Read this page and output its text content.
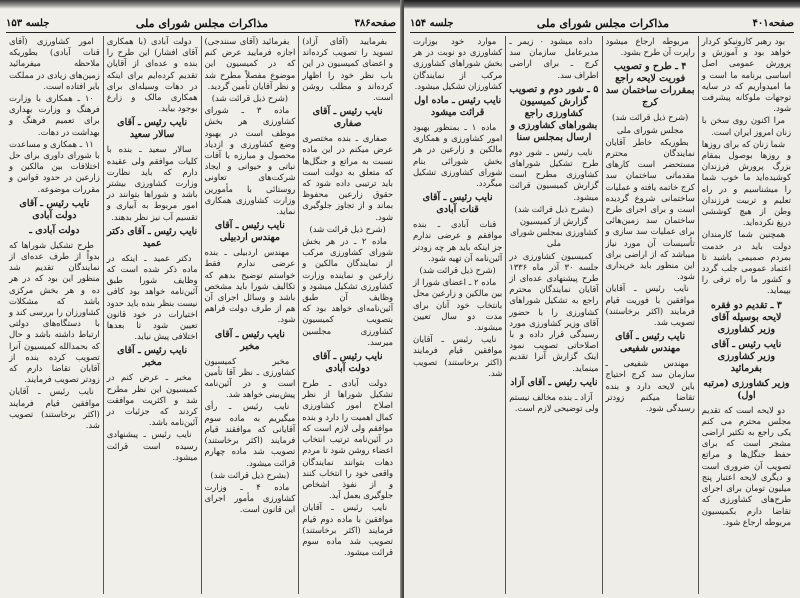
صفحه۳۸۶
مذاکرات مجلس شورای ملی
جلسه ۱۵۳

بفرمایید (آقای آزاد) تسوید را تصویب کرده‌اند و اعضای کمیسیون در این باب نظر خود را اظهار کرده‌اند و مطلب روشن است.

نایب رئیس ـ آقای صفاری

صفاری ـ بنده مختصری عرض میکنم در این ماده نسبت به مراتع و جنگل‌ها که متعلق به دولت است باید ترتیبی داده شود که حقوق زارعین محفوظ بماند و از تجاوز جلوگیری شود.

(شرح ذیل قرائت شد)

ماده ۲ ـ در هر بخش شورای کشاورزی مرکب از نمایندگان مالکین و زارعین و نماینده وزارت کشاورزی تشکیل میشود و وظایف آن طبق آئین‌نامه‌ای خواهد بود که بتصویب کمیسیون کشاورزی مجلسین میرسد.

نایب رئیس ـ آقای دولت آبادی

دولت آبادی ـ طرح تشکیل شوراها از نظر اصلاح امور کشاورزی کمال اهمیت را دارد و بنده موافقم ولی لازم است که در آئین‌نامه ترتیب انتخاب اعضاء روشن شود تا مردم دهات بتوانند نمایندگان واقعی خود را انتخاب کنند و از نفوذ اشخاص جلوگیری بعمل آید.

نایب رئیس ـ آقایان موافقین با ماده دوم قیام فرمایند (اکثر برخاستند) تصویب شد ماده سوم قرائت میشود.

بفرمائید (آقای سنندجی) اجازه فرمایید عرض کنم که در کمیسیون این موضوع مفصلاً مطرح شد و نظر آقایان تأمین گردید.

(شرح ذیل قرائت شد)

ماده ۳ ـ شورای کشاورزی هر بخش موظف است در بهبود وضع کشاورزی و ازدیاد محصول و مبارزه با آفات نباتی و حیوانی و ایجاد شرکت‌های تعاونی روستائی با مأمورین وزارت کشاورزی همکاری نماید.

نایب رئیس ـ آقای مهندس اردبیلی

مهندس اردبیلی ـ بنده عرضی ندارم فقط خواستم توضیح بدهم که تکالیف شورا باید مشخص باشد و وسائل اجرای آن هم از طرف دولت فراهم شود.

نایب رئیس ـ آقای مخبر

مخبر کمیسیون کشاورزی ـ نظر آقا تأمین است و در آئین‌نامه پیش‌بینی خواهد شد.

نایب رئیس ـ رأی میگیریم به ماده سوم آقایانی که موافقند قیام فرمایند (اکثر برخاستند) تصویب شد ماده چهارم قرائت میشود.

(بشرح ذیل قرائت شد)

ماده ۴ ـ وزارت کشاورزی مأمور اجرای این قانون است.

دولت آبادی (با همکاری آقای افشار) این طرح را بنده و عده‌ای از آقایان تقدیم کرده‌ایم برای اینکه در دهات وسیله‌ای برای همکاری مالک و زارع بوجود بیاید.

نایب رئیس ـ آقای سالار سعید

سالار سعید ـ بنده با کلیات موافقم ولی عقیده دارم که باید نظارت وزارت کشاورزی بیشتر باشد و شوراها بتوانند در امور مربوط به آبیاری و تقسیم آب نیز نظر بدهند.

نایب رئیس ـ آقای دکتر عمید

دکتر عمید ـ اینکه در ماده ذکر شده است که وظایف شورا طبق آئین‌نامه خواهد بود کافی نیست بنظر بنده باید حدود اختیارات در خود قانون تعیین شود تا بعدها اختلافی پیش نیاید.

نایب رئیس ـ آقای مخبر

مخبر ـ عرض کنم در کمیسیون این نظر مطرح شد و اکثریت موافقت کردند که جزئیات در آئین‌نامه باشد.

نایب رئیس ـ پیشنهادی رسیده است قرائت میشود.

امور کشاورزی (آقای قنات آبادی) بطوریکه ملاحظه میفرمائید زمین‌های زیادی در مملکت بایر افتاده است.

۱۰ ـ همکاری با وزارت فرهنگ و وزارت بهداری برای تعمیم فرهنگ و بهداشت در دهات.

۱۱ ـ همکاری و مساعدت با شورای داوری برای حل اختلافات بین مالکین و زارعین در حدود قوانین و مقررات موضوعه.

نایب رئیس ـ آقای دولت آبادی
دولت آبادی ـ

طرح تشکیل شوراها که بدواً از طرف عده‌ای از نمایندگان تقدیم شد منظور این بود که در هر ده و هر بخش مرکزی باشد که مشکلات کشاورزان را بررسی کند و با دستگاه‌های دولتی ارتباط داشته باشد و حال که بحمدالله کمیسیون آنرا تصویب کرده بنده از آقایان تقاضا دارم که زودتر تصویب فرمایند.

نایب رئیس ـ آقایان موافقین قیام فرمایند (اکثر برخاستند) تصویب شد.

صفحه۴۰۱
مذاکرات مجلس شورای ملی
جلسه ۱۵۴

بود رهبر کارونیکو کردار خواهد بود و آموزش و پرورش عمومی اصل اساسی برنامه ما است و ما امیدواریم که در سایه توجهات ملوکانه پیشرفت شود.

مرا اکنون روی سخن با زنان امروز ایران است.

شما زنان که برای روزها و روزها بوصول بمقام بزرگ پرورش فرزندان کوشیده‌اید ما خوب شما را میشناسیم و در راه تعلیم و تربیت فرزندان وطن از هیچ کوششی دریغ نکرده‌اید.

همچنین شما کارمندان دولت باید در خدمت بمردم صمیمی باشید تا اعتماد عمومی جلب گردد و کشور ما راه ترقی را بپیماید.

۳ ـ تقدیم دو فقره لایحه بوسیله آقای وزیر کشاورزی
نایب رئیس ـ آقای وزیر کشاورزی بفرمائید
وزیر کشاورزی (مرتبه اول)

دو لایحه است که تقدیم مجلس محترم می کنم یکی راجع به تکثیر اراضی مشجر است که برای حفظ جنگل‌ها و مراتع تصویب آن ضروری است و دیگری لایحه اعتبار پنج میلیون تومان برای اجرای طرح‌های کشاورزی که تقاضا دارم بکمیسیون مربوطه ارجاع شود.

مربوطه ارجاع میشود راپرت آن طرح بشود.

۴ ـ طرح و تصویب فوریت لایحه راجع بمقررات ساختمان سد کرج
(شرح ذیل قرائت شد)
مجلس شورای ملی

بطوریکه خاطر آقایان نمایندگان محترم مستحضر است کارهای مقدماتی ساختمان سد کرج خاتمه یافته و عملیات ساختمانی شروع گردیده است و برای اجرای طرح ساختمان سد زمین‌هائی برای عملیات سد سازی و تأسیسات آن مورد نیاز میباشد که از اراضی برای این منظور باید خریداری شود.

نایب رئیس ـ آقایان موافقین با فوریت قیام فرمایند (اکثر برخاستند) تصویب شد.

نایب رئیس ـ آقای مهندس شفیعی

مهندس شفیعی ـ سازمان سد کرج احتیاج باین لایحه دارد و بنده تقاضا میکنم زودتر رسیدگی شود.

داده میشود ۰ زیمر ـ مدیرعامل سازمان سد کرج ـ برای اراضی اطراف سد.

۵ ـ شور دوم و تصویب گزارش کمیسیون کشاورزی راجع بشوراهای کشاورزی و ارسال بمجلس سنا

نایب رئیس ـ شور دوم طرح تشکیل شوراهای کشاورزی مطرح است گزارش کمیسیون قرائت میشود.

(بشرح ذیل قرائت شد)
گزارش از کمیسیون کشاورزی بمجلس شورای ملی

کمیسیون کشاورزی در جلسه ۳۰ آذر ماه ۱۳۳۶ طرح پیشنهادی عده‌ای از آقایان نمایندگان محترم راجع به تشکیل شوراهای کشاورزی را با حضور آقای وزیر کشاورزی مورد رسیدگی قرار داده و با اصلاحاتی تصویب نمود اینک گزارش آنرا تقدیم مینماید.

نایب رئیس ـ آقای آزاد

آزاد ـ بنده مخالف نیستم ولی توضیحی لازم است.

موارد خود بوزارت کشاورزی دو نوبت در هر بخش شوراهای کشاورزی مرکب از نمایندگان کشاورزان تشکیل میشود.

نایب رئیس ـ ماده اول قرائت میشود

ماده ۱ ـ بمنظور بهبود امور کشاورزی و همکاری مالکین و زارعین در هر بخش شورائی بنام شورای کشاورزی تشکیل میگردد.

نایب رئیس ـ آقای قنات آبادی

قنات آبادی ـ بنده موافقم و عرضی ندارم جز اینکه باید هر چه زودتر آئین‌نامه آن تهیه شود.

(شرح ذیل قرائت شد)

ماده ۲ ـ اعضای شورا از بین مالکین و زارعین محل بانتخاب خود آنان برای مدت دو سال تعیین میشوند.

نایب رئیس ـ آقایان موافقین قیام فرمایند (اکثر برخاستند) تصویب شد.
